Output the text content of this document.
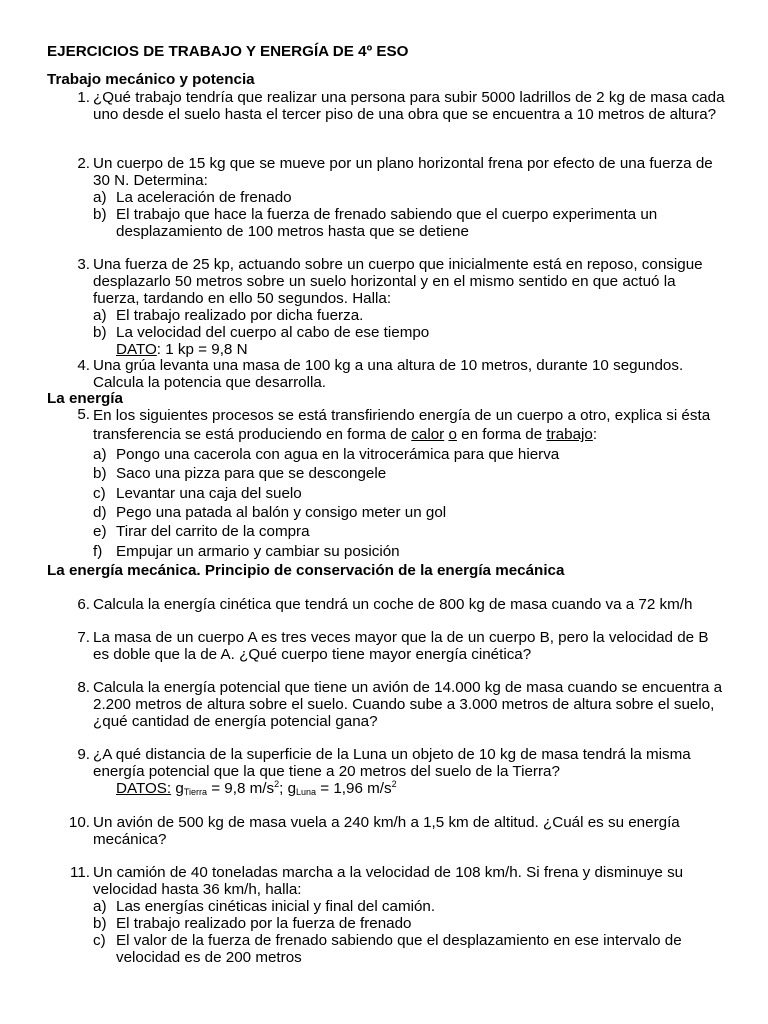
EJERCICIOS DE TRABAJO Y ENERGÍA DE 4º ESO
Trabajo mecánico y potencia
1. ¿Qué trabajo tendría que realizar una persona para subir 5000 ladrillos de 2 kg de masa cada uno desde el suelo hasta el tercer piso de una obra que se encuentra a 10 metros de altura?
2. Un cuerpo de 15 kg que se mueve por un plano horizontal frena por efecto de una fuerza de 30 N. Determina:
a) La aceleración de frenado
b) El trabajo que hace la fuerza de frenado sabiendo que el cuerpo experimenta un desplazamiento de 100 metros hasta que se detiene
3. Una fuerza de 25 kp, actuando sobre un cuerpo que inicialmente está en reposo, consigue desplazarlo 50 metros sobre un suelo horizontal y en el mismo sentido en que actuó la fuerza, tardando en ello 50 segundos. Halla:
a) El trabajo realizado por dicha fuerza.
b) La velocidad del cuerpo al cabo de ese tiempo
DATO: 1 kp = 9,8 N
4. Una grúa levanta una masa de 100 kg a una altura de 10 metros, durante 10 segundos. Calcula la potencia que desarrolla.
La energía
5. En los siguientes procesos se está transfiriendo energía de un cuerpo a otro, explica si ésta transferencia se está produciendo en forma de calor o en forma de trabajo:
a) Pongo una cacerola con agua en la vitrocerámica para que hierva
b) Saco una pizza para que se descongele
c) Levantar una caja del suelo
d) Pego una patada al balón y consigo meter un gol
e) Tirar del carrito de la compra
f) Empujar un armario y cambiar su posición
La energía mecánica. Principio de conservación de la energía mecánica
6. Calcula la energía cinética que tendrá un coche de 800 kg de masa cuando va a 72 km/h
7. La masa de un cuerpo A es tres veces mayor que la de un cuerpo B, pero la velocidad de B es doble que la de A. ¿Qué cuerpo tiene mayor energía cinética?
8. Calcula la energía potencial que tiene un avión de 14.000 kg de masa cuando se encuentra a 2.200 metros de altura sobre el suelo. Cuando sube a 3.000 metros de altura sobre el suelo, ¿qué cantidad de energía potencial gana?
9. ¿A qué distancia de la superficie de la Luna un objeto de 10 kg de masa tendrá la misma energía potencial que la que tiene a 20 metros del suelo de la Tierra?
DATOS: $g_{Tierra} = 9,8$ $m/s^2$; $g_{Luna} = 1,96$ $m/s^2$
10. Un avión de 500 kg de masa vuela a 240 km/h a 1,5 km de altitud. ¿Cuál es su energía mecánica?
11. Un camión de 40 toneladas marcha a la velocidad de 108 km/h. Si frena y disminuye su velocidad hasta 36 km/h, halla:
a) Las energías cinéticas inicial y final del camión.
b) El trabajo realizado por la fuerza de frenado
c) El valor de la fuerza de frenado sabiendo que el desplazamiento en ese intervalo de velocidad es de 200 metros
